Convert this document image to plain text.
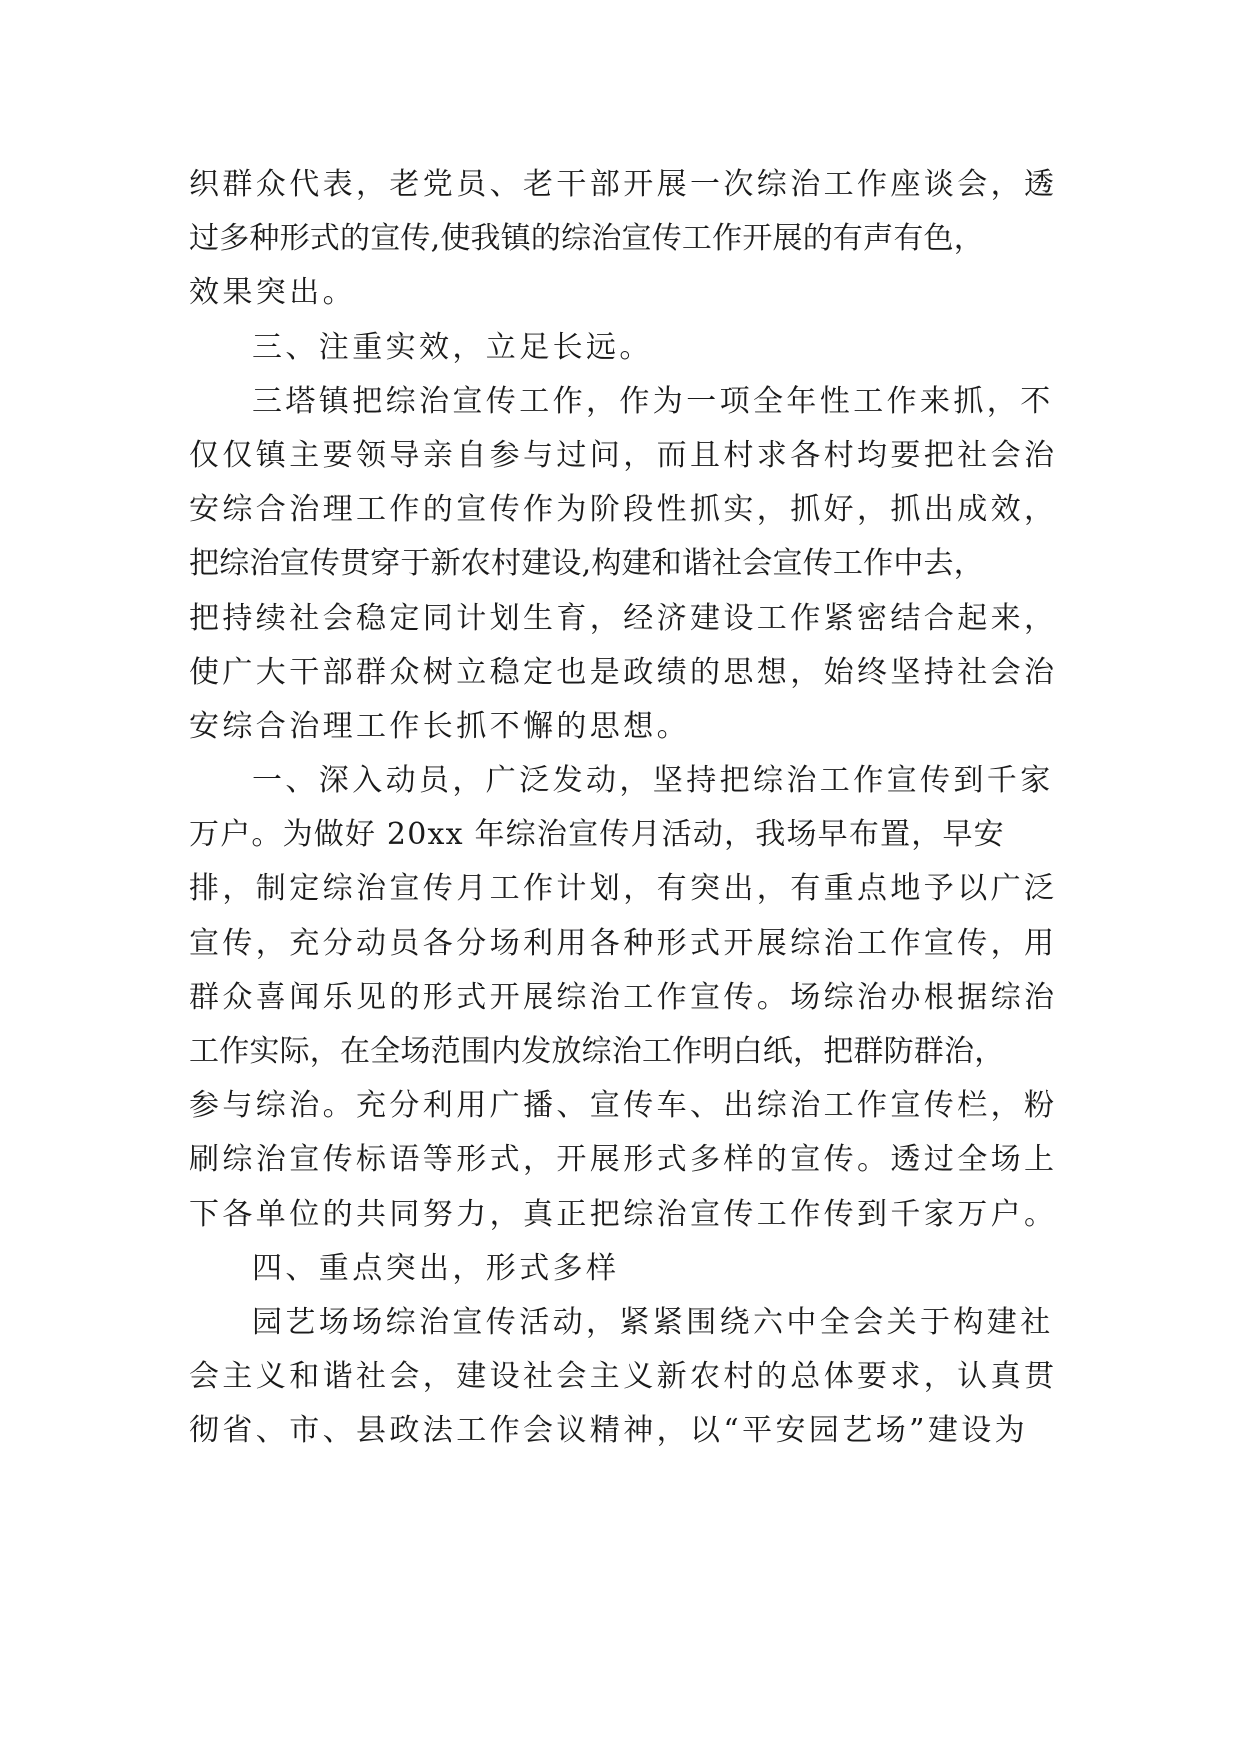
织群众代表，老党员、老干部开展一次综治工作座谈会，透
过多种形式的宣传,使我镇的综治宣传工作开展的有声有色，
效果突出。
三、注重实效，立足长远。
三塔镇把综治宣传工作，作为一项全年性工作来抓，不
仅仅镇主要领导亲自参与过问，而且村求各村均要把社会治
安综合治理工作的宣传作为阶段性抓实，抓好，抓出成效，
把综治宣传贯穿于新农村建设,构建和谐社会宣传工作中去，
把持续社会稳定同计划生育，经济建设工作紧密结合起来，
使广大干部群众树立稳定也是政绩的思想，始终坚持社会治
安综合治理工作长抓不懈的思想。
一、深入动员，广泛发动，坚持把综治工作宣传到千家
万户。为做好 20xx 年综治宣传月活动，我场早布置，早安
排，制定综治宣传月工作计划，有突出，有重点地予以广泛
宣传，充分动员各分场利用各种形式开展综治工作宣传，用
群众喜闻乐见的形式开展综治工作宣传。场综治办根据综治
工作实际，在全场范围内发放综治工作明白纸，把群防群治，
参与综治。充分利用广播、宣传车、出综治工作宣传栏，粉
刷综治宣传标语等形式，开展形式多样的宣传。透过全场上
下各单位的共同努力，真正把综治宣传工作传到千家万户。
四、重点突出，形式多样
园艺场场综治宣传活动，紧紧围绕六中全会关于构建社
会主义和谐社会，建设社会主义新农村的总体要求，认真贯
彻省、市、县政法工作会议精神，以“平安园艺场”建设为
